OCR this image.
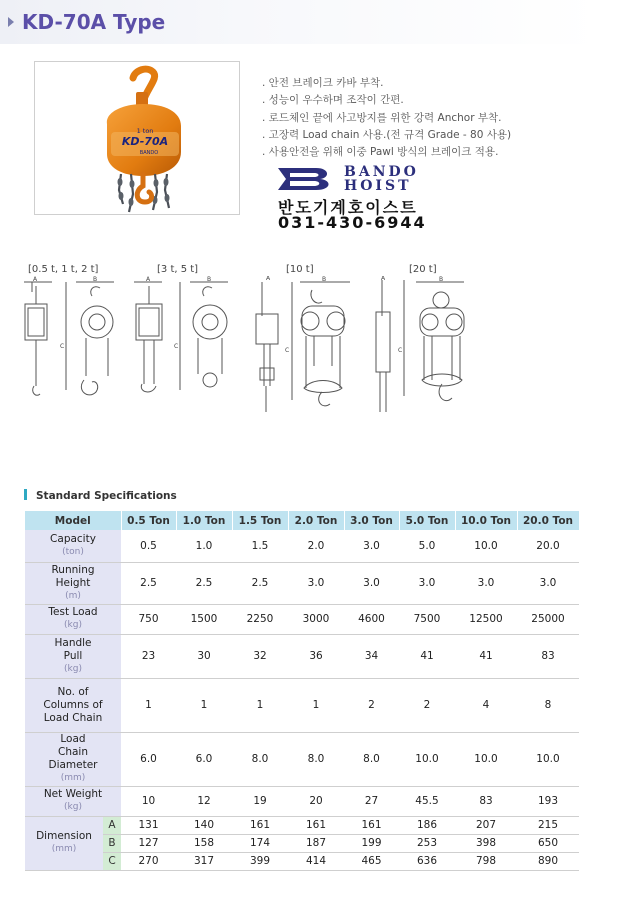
KD-70A Type
1 ton
KD-70A
BANDO
. 안전 브레이크 카바 부착.
. 성능이 우수하며 조작이 간편.
. 로드체인 끝에 사고방지를 위한 강력 Anchor 부착.
. 고장력 Load chain 사용.(전 규격 Grade - 80 사용)
. 사용안전을 위해 이중 Pawl 방식의 브레이크 적용.
BANDO
HOIST
반도기계호이스트
031-430-6944
[0.5 t, 1 t, 2 t]	[3 t, 5 t]	[10 t]	[20 t]
A	B
C
A	B
C
A	B
C
A	B
C
Standard Specifications
Model		0.5 Ton	1.0 Ton	1.5 Ton	2.0 Ton	3.0 Ton	5.0 Ton	10.0 Ton	20.0 Ton

Capacity
(ton)		0.5	1.0	1.5	2.0	3.0	5.0	10.0	20.0

Running
Height
(m)		2.5	2.5	2.5	3.0	3.0	3.0	3.0	3.0

Test Load
(kg)		750	1500	2250	3000	4600	7500	12500	25000

Handle
Pull
(kg)		23	30	32	36	34	41	41	83

No. of
Columns of
Load Chain		1	1	1	1	2	2	4	8

Load
Chain
Diameter
(mm)		6.0	6.0	8.0	8.0	8.0	10.0	10.0	10.0

Net Weight
(kg)		10	12	19	20	27	45.5	83	193

Dimension
(mm)	A	131	140	161	161	161	186	207	215
	B	127	158	174	187	199	253	398	650
	C	270	317	399	414	465	636	798	890
